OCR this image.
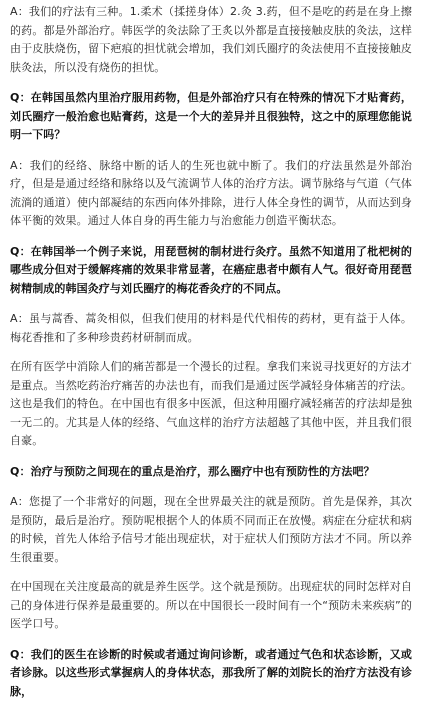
A：我们的疗法有三种。1.柔术（揉搓身体）2.灸 3.药，但不是吃的药是在身上擦的药。都是外部治疗。韩医学的灸法除了王炙以外都是直接接触皮肤的灸法，这样由于皮肤烧伤，留下疤痕的担忧就会增加，我们刘氏圈疗的灸法使用不直接接触皮肤灸法，所以没有烧伤的担忧。

Q：在韩国虽然内里治疗服用药物，但是外部治疗只有在特殊的情况下才贴膏药，刘氏圈疗一般治愈也贴膏药，这是一个大的差异并且很独特，这之中的原理您能说明一下吗？

A：我们的经络、脉络中断的话人的生死也就中断了。我们的疗法虽然是外部治疗，但是是通过经络和脉络以及气流调节人体的治疗方法。调节脉络与气道（气体流淌的通道）使内部凝结的东西向体外排除，进行人体全身性的调节，从而达到身体平衡的效果。通过人体自身的再生能力与治愈能力创造平衡状态。

Q：在韩国举一个例子来说，用琵琶树的制材进行灸疗。虽然不知道用了枇杷树的哪些成分但对于缓解疼痛的效果非常显著，在癌症患者中颇有人气。很好奇用琵琶树精制成的韩国灸疗与刘氏圈疗的梅花香灸疗的不同点。

A：虽与蒿香、蒿灸相似，但我们使用的材料是代代相传的药材，更有益于人体。梅花香推和了多种珍贵药材研制而成。

在所有医学中消除人们的痛苦都是一个漫长的过程。拿我们来说寻找更好的方法才是重点。当然吃药治疗痛苦的办法也有，而我们是通过医学减轻身体痛苦的疗法。这也是我们的特色。在中国也有很多中医派，但这种用圈疗减轻痛苦的疗法却是独一无二的。尤其是人体的经络、气血这样的治疗方法超越了其他中医，并且我们很自豪。

Q：治疗与预防之间现在的重点是治疗，那么圈疗中也有预防性的方法吧？

A：您提了一个非常好的问题，现在全世界最关注的就是预防。首先是保养，其次是预防，最后是治疗。预防呢根据个人的体质不同而正在放慢。病症在分症状和病的时候，首先人体给予信号才能出现症状，对于症状人们预防方法才不同。所以养生很重要。

在中国现在关注度最高的就是养生医学。这个就是预防。出现症状的同时怎样对自己的身体进行保养是最重要的。所以在中国很长一段时间有一个“预防未来疾病”的医学口号。

Q：我们的医生在诊断的时候或者通过询问诊断，或者通过气色和状态诊断，又或者诊脉。以这些形式掌握病人的身体状态，那我所了解的刘院长的治疗方法没有诊脉，
